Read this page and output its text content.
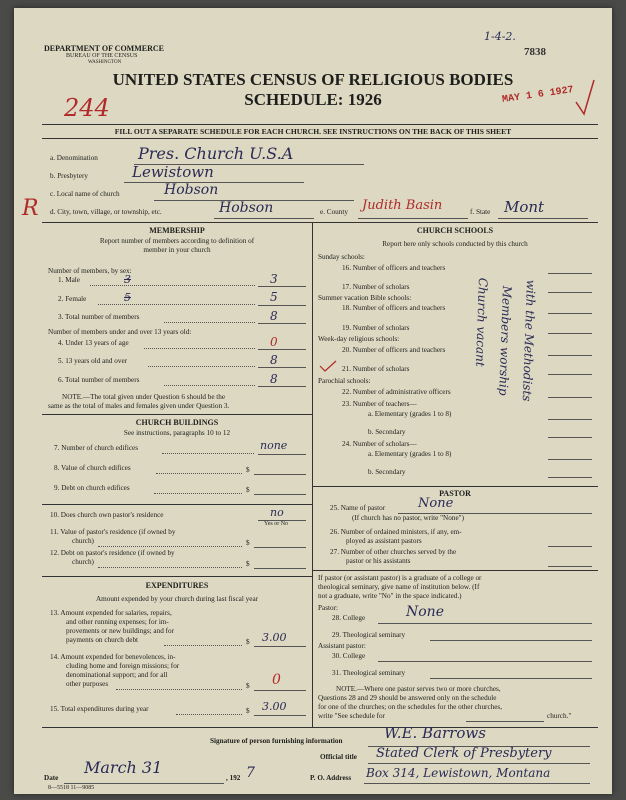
DEPARTMENT OF COMMERCE
BUREAU OF THE CENSUS
WASHINGTON
1-4-2.
7838
UNITED STATES CENSUS OF RELIGIOUS BODIES
SCHEDULE: 1926
244	MAY 1 6 1927
FILL OUT A SEPARATE SCHEDULE FOR EACH CHURCH. SEE INSTRUCTIONS ON THE BACK OF THIS SHEET
a. Denomination	Pres. Church U.S.A
b. Presbytery	Lewistown
c. Local name of church	Hobson
R d. City, town, village, or township, etc.	Hobson	e. County Judith Basin	f. State Mont
MEMBERSHIP
Report number of members according to definition of
member in your church
Number of members, by sex:
1. Male	3	3
2. Female	5	5
3. Total number of members	8
Number of members under and over 13 years old:
4. Under 13 years of age	0
5. 13 years old and over	8
6. Total number of members	8
NOTE.—The total given under Question 6 should be the
same as the total of males and females given under Question 3.
CHURCH BUILDINGS
See instructions, paragraphs 10 to 12
7. Number of church edifices	none
8. Value of church edifices	$
9. Debt on church edifices	$
10. Does church own pastor's residence	no
Yes or No
11. Value of pastor's residence (if owned by
church)	$
12. Debt on pastor's residence (if owned by
church)	$
EXPENDITURES
Amount expended by your church during last fiscal year
13. Amount expended for salaries, repairs,
and other running expenses; for im-
provements or new buildings; and for
payments on church debt	$ 3.00
14. Amount expended for benevolences, in-
cluding home and foreign missions; for
denominational support; and for all
other purposes	$ 0
15. Total expenditures during year	$ 3.00
CHURCH SCHOOLS
Report here only schools conducted by this church
Sunday schools:
16. Number of officers and teachers
17. Number of scholars
Summer vacation Bible schools:
18. Number of officers and teachers
19. Number of scholars
Week-day religious schools:
20. Number of officers and teachers
21. Number of scholars
Parochial schools:
22. Number of administrative officers
23. Number of teachers—
a. Elementary (grades 1 to 8)
b. Secondary
24. Number of scholars—
a. Elementary (grades 1 to 8)
b. Secondary
Church vacant Members worship with the Methodists
PASTOR
25. Name of pastor	None
(If church has no pastor, write "None")
26. Number of ordained ministers, if any, em-
ployed as assistant pastors
27. Number of other churches served by the
pastor or his assistants
If pastor (or assistant pastor) is a graduate of a college or
theological seminary, give name of institution below. (If
not a graduate, write "No" in the space indicated.)
Pastor:
28. College	None
29. Theological seminary
Assistant pastor:
30. College
31. Theological seminary
NOTE.—Where one pastor serves two or more churches,
Questions 28 and 29 should be answered only on the schedule
for one of the churches; on the schedules for the other churches,
write "See schedule for	church."
Signature of person furnishing information	W.E. Barrows
Official title Stated Clerk of Presbytery
Date
March 31
, 192 7	P. O. Address Box 314, Lewistown, Montana
8—5518 11—9085
